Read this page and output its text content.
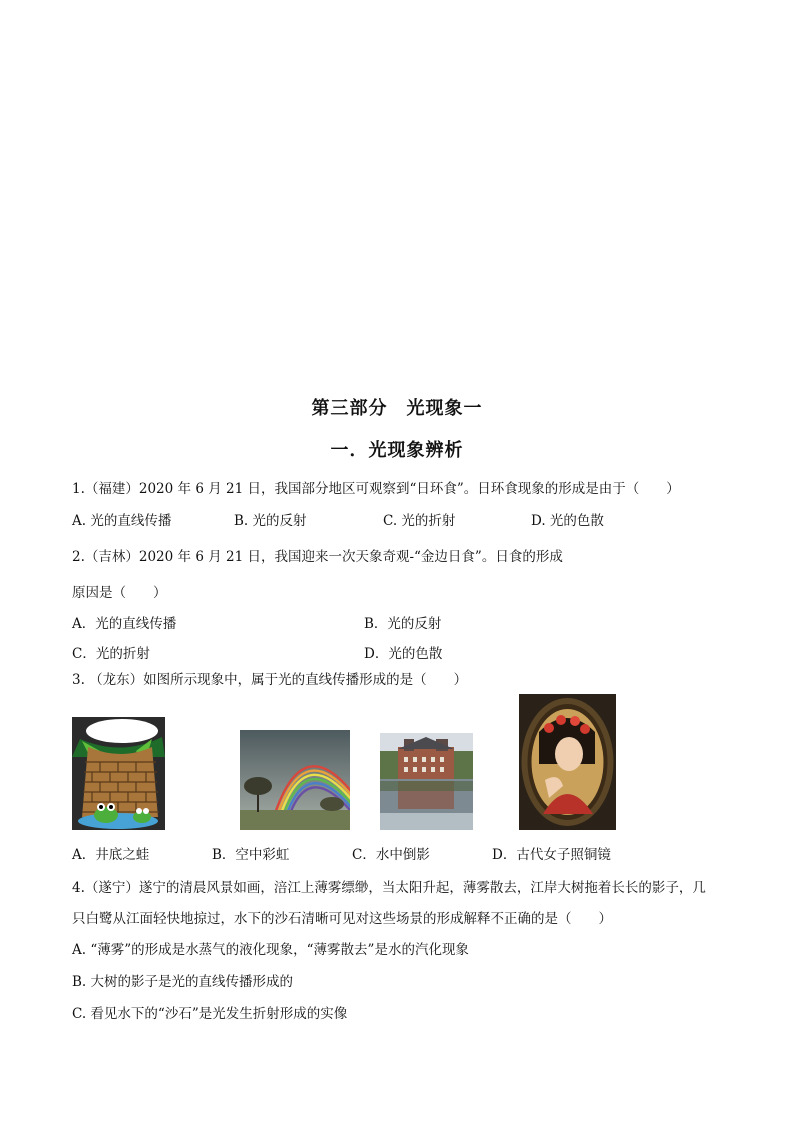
第三部分　光现象一
一．光现象辨析
1.（福建）2020 年 6 月 21 日，我国部分地区可观察到“日环食”。日环食现象的形成是由于（　　）
A. 光的直线传播	B. 光的反射	C. 光的折射	D. 光的色散
2.（吉林）2020 年 6 月 21 日，我国迎来一次天象奇观-“金边日食”。日食的形成
原因是（　　）
A．光的直线传播	B．光的反射
C．光的折射	D．光的色散
3. （龙东）如图所示现象中，属于光的直线传播形成的是（　　）
A．井底之蛙	B．空中彩虹	C．水中倒影	D．古代女子照铜镜
4.（遂宁）遂宁的清晨风景如画，涪江上薄雾缥缈，当太阳升起，薄雾散去，江岸大树拖着长长的影子，几
只白鹭从江面轻快地掠过，水下的沙石清晰可见对这些场景的形成解释不正确的是（　　）
A. “薄雾”的形成是水蒸气的液化现象，“薄雾散去”是水的汽化现象
B. 大树的影子是光的直线传播形成的
C. 看见水下的“沙石”是光发生折射形成的实像
